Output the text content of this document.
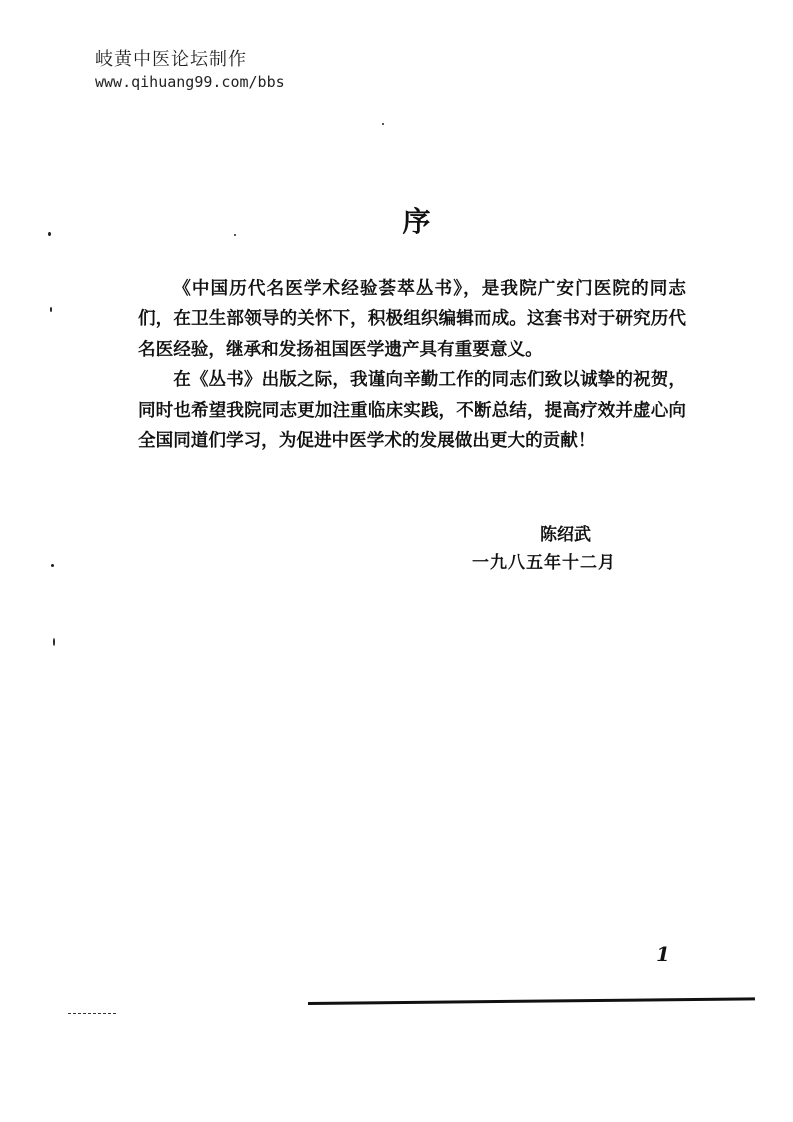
岐黄中医论坛制作
www.qihuang99.com/bbs
序

《中国历代名医学术经验荟萃丛书》，是我院广安门医院的同志们，在卫生部领导的关怀下，积极组织编辑而成。这套书对于研究历代名医经验，继承和发扬祖国医学遗产具有重要意义。

在《丛书》出版之际，我谨向辛勤工作的同志们致以诚挚的祝贺，同时也希望我院同志更加注重临床实践，不断总结，提高疗效并虚心向全国同道们学习，为促进中医学术的发展做出更大的贡献！

陈绍武
一九八五年十二月
1
